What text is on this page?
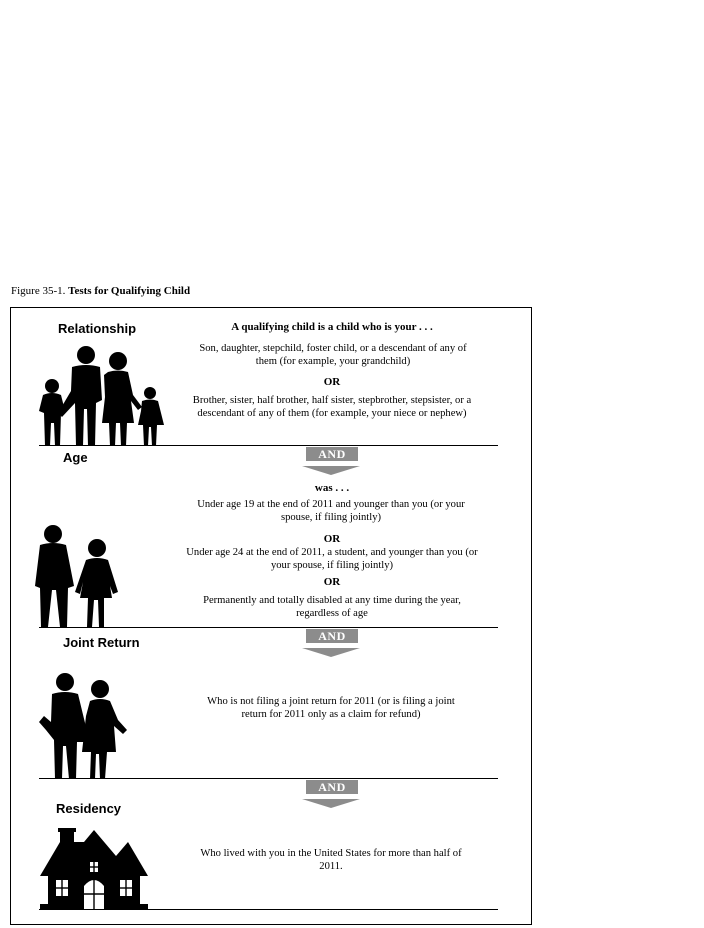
Figure 35-1. Tests for Qualifying Child
Relationship	A qualifying child is a child who is your . . .
Son, daughter, stepchild, foster child, or a descendant of any of them (for example, your grandchild)
OR
Brother, sister, half brother, half sister, stepbrother, stepsister, or a descendant of any of them (for example, your niece or nephew)
AND
Age
was . . .
Under age 19 at the end of 2011 and younger than you (or your spouse, if filing jointly)
OR
Under age 24 at the end of 2011, a student, and younger than you (or your spouse, if filing jointly)
OR
Permanently and totally disabled at any time during the year, regardless of age
AND
Joint Return
Who is not filing a joint return for 2011 (or is filing a joint return for 2011 only as a claim for refund)
AND
Residency
Who lived with you in the United States for more than half of 2011.
